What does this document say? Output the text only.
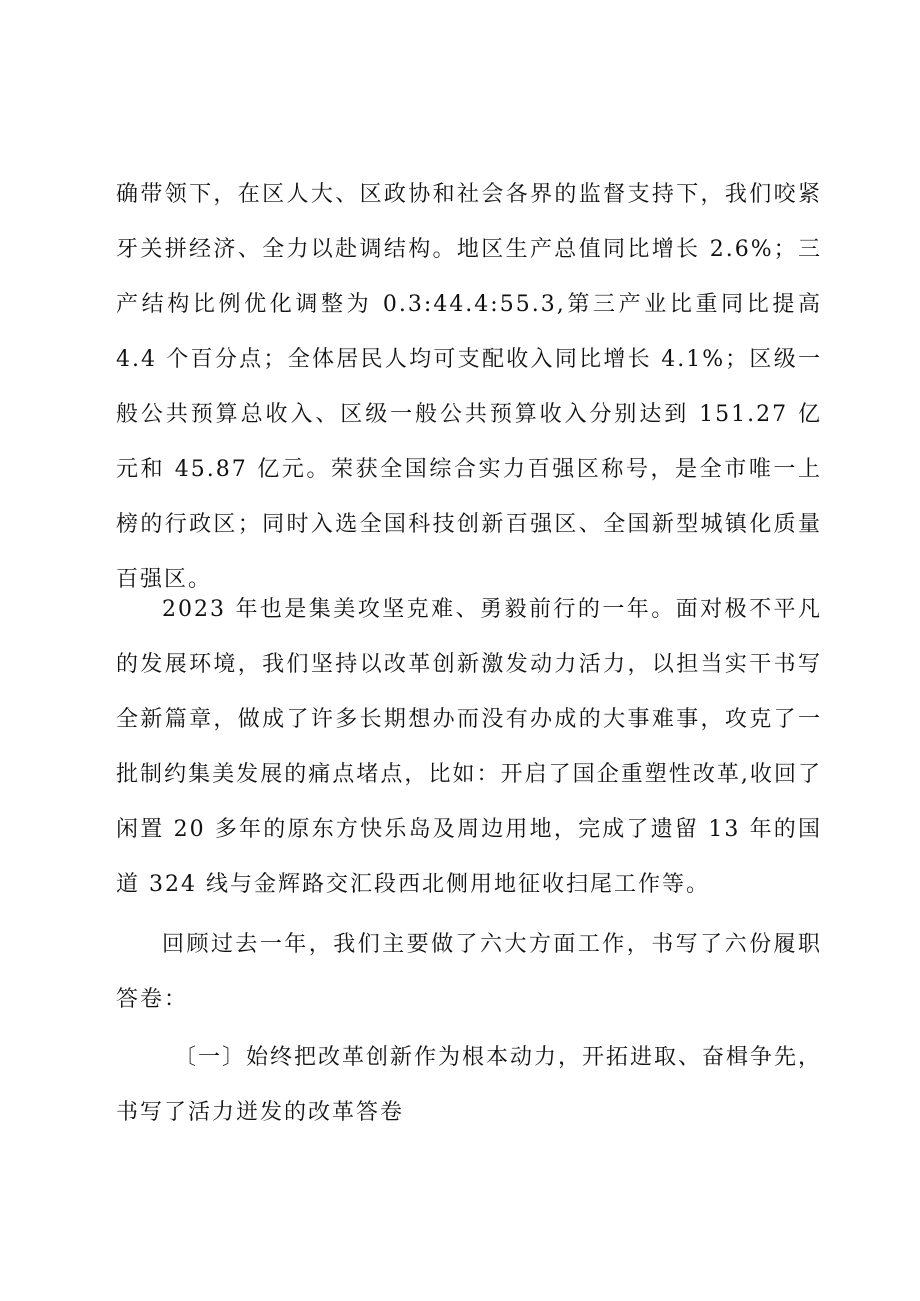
确带领下，在区人大、区政协和社会各界的监督支持下，我们咬紧牙关拼经济、全力以赴调结构。地区生产总值同比增长 2.6%；三产结构比例优化调整为 0.3:44.4:55.3,第三产业比重同比提高 4.4 个百分点；全体居民人均可支配收入同比增长 4.1%；区级一般公共预算总收入、区级一般公共预算收入分别达到 151.27 亿元和 45.87 亿元。荣获全国综合实力百强区称号，是全市唯一上榜的行政区；同时入选全国科技创新百强区、全国新型城镇化质量百强区。

2023 年也是集美攻坚克难、勇毅前行的一年。面对极不平凡的发展环境，我们坚持以改革创新激发动力活力，以担当实干书写全新篇章，做成了许多长期想办而没有办成的大事难事，攻克了一批制约集美发展的痛点堵点，比如：开启了国企重塑性改革,收回了闲置 20 多年的原东方快乐岛及周边用地，完成了遗留 13 年的国道 324 线与金辉路交汇段西北侧用地征收扫尾工作等。

回顾过去一年，我们主要做了六大方面工作，书写了六份履职答卷：

〔一〕始终把改革创新作为根本动力，开拓进取、奋楫争先，书写了活力迸发的改革答卷
